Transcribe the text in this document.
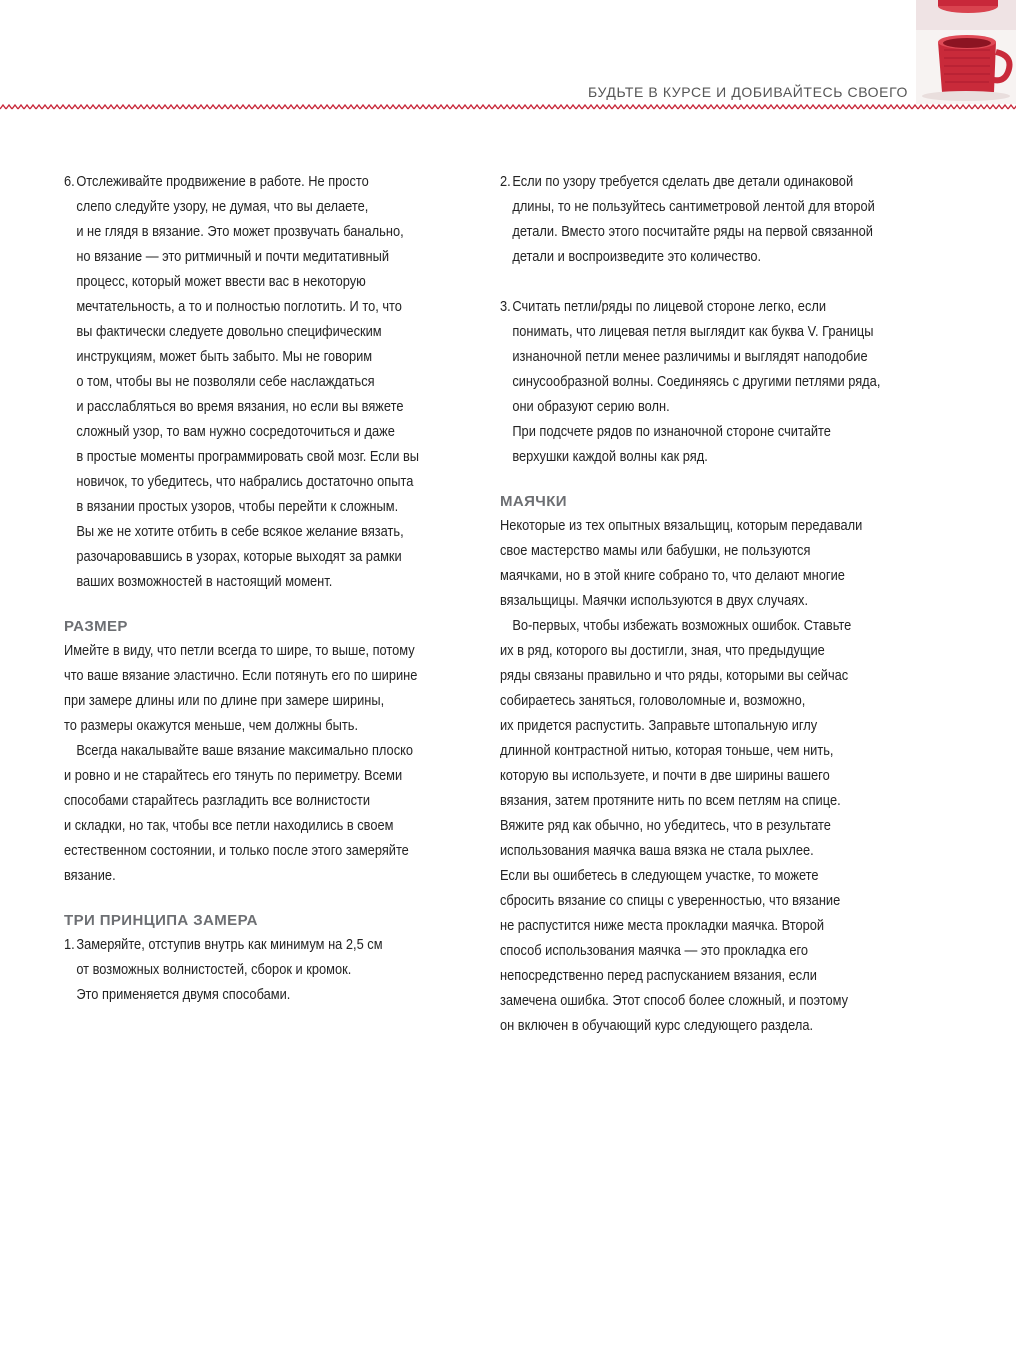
БУДЬТЕ В КУРСЕ И ДОБИВАЙТЕСЬ СВОЕГО
6. Отслеживайте продвижение в работе. Не просто
слепо следуйте узору, не думая, что вы делаете,
и не глядя в вязание. Это может прозвучать банально,
но вязание — это ритмичный и почти медитативный
процесс, который может ввести вас в некоторую
мечтательность, а то и полностью поглотить. И то, что
вы фактически следуете довольно специфическим
инструкциям, может быть забыто. Мы не говорим
о том, чтобы вы не позволяли себе наслаждаться
и расслабляться во время вязания, но если вы вяжете
сложный узор, то вам нужно сосредоточиться и даже
в простые моменты программировать свой мозг. Если вы
новичок, то убедитесь, что набрались достаточно опыта
в вязании простых узоров, чтобы перейти к сложным.
Вы же не хотите отбить в себе всякое желание вязать,
разочаровавшись в узорах, которые выходят за рамки
ваших возможностей в настоящий момент.
РАЗМЕР
Имейте в виду, что петли всегда то шире, то выше, потому
что ваше вязание эластично. Если потянуть его по ширине
при замере длины или по длине при замере ширины,
то размеры окажутся меньше, чем должны быть.
Всегда накалывайте ваше вязание максимально плоско
и ровно и не старайтесь его тянуть по периметру. Всеми
способами старайтесь разгладить все волнистости
и складки, но так, чтобы все петли находились в своем
естественном состоянии, и только после этого замеряйте
вязание.
ТРИ ПРИНЦИПА ЗАМЕРА
1. Замеряйте, отступив внутрь как минимум на 2,5 см
от возможных волнистостей, сборок и кромок.
Это применяется двумя способами.
2. Если по узору требуется сделать две детали одинаковой
длины, то не пользуйтесь сантиметровой лентой для второй
детали. Вместо этого посчитайте ряды на первой связанной
детали и воспроизведите это количество.
3. Считать петли/ряды по лицевой стороне легко, если
понимать, что лицевая петля выглядит как буква V. Границы
изнаночной петли менее различимы и выглядят наподобие
синусообразной волны. Соединяясь с другими петлями ряда,
они образуют серию волн.
При подсчете рядов по изнаночной стороне считайте
верхушки каждой волны как ряд.
МАЯЧКИ
Некоторые из тех опытных вязальщиц, которым передавали
свое мастерство мамы или бабушки, не пользуются
маячками, но в этой книге собрано то, что делают многие
вязальщицы. Маячки используются в двух случаях.
Во-первых, чтобы избежать возможных ошибок. Ставьте
их в ряд, которого вы достигли, зная, что предыдущие
ряды связаны правильно и что ряды, которыми вы сейчас
собираетесь заняться, головоломные и, возможно,
их придется распустить. Заправьте штопальную иглу
длинной контрастной нитью, которая тоньше, чем нить,
которую вы используете, и почти в две ширины вашего
вязания, затем протяните нить по всем петлям на спице.
Вяжите ряд как обычно, но убедитесь, что в результате
использования маячка ваша вязка не стала рыхлее.
Если вы ошибетесь в следующем участке, то можете
сбросить вязание со спицы с уверенностью, что вязание
не распустится ниже места прокладки маячка. Второй
способ использования маячка — это прокладка его
непосредственно перед распусканием вязания, если
замечена ошибка. Этот способ более сложный, и поэтому
он включен в обучающий курс следующего раздела.
